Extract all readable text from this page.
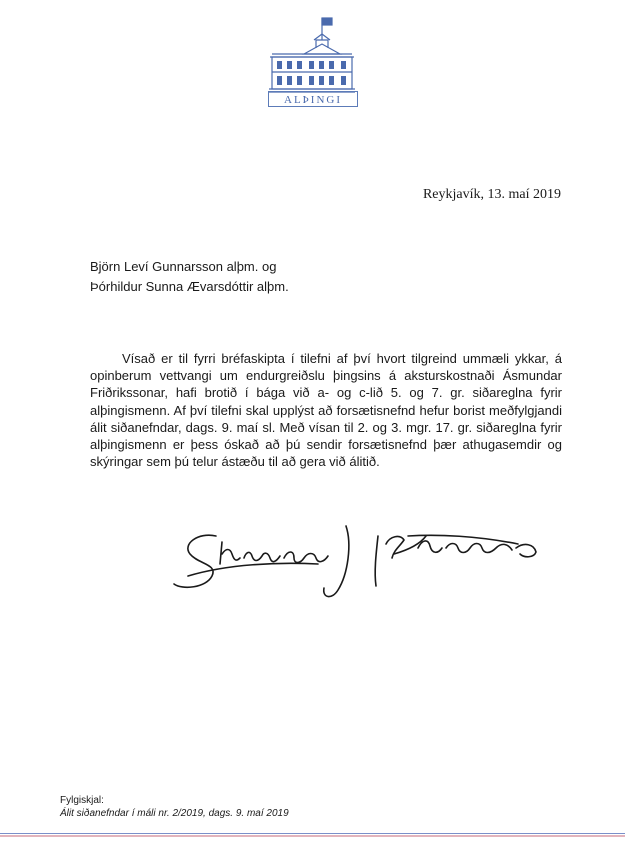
ALÞINGI
Reykjavík, 13. maí 2019
Björn Leví Gunnarsson alþm. og
Þórhildur Sunna Ævarsdóttir alþm.

Vísað er til fyrri bréfaskipta í tilefni af því hvort tilgreind ummæli ykkar, á opinberum vettvangi um endurgreiðslu þingsins á aksturskostnaði Ásmundar Friðrikssonar, hafi brotið í bága við a- og c-lið 5. og 7. gr. siðareglna fyrir alþingismenn. Af því tilefni skal upplýst að forsætisnefnd hefur borist meðfylgjandi álit siðanefndar, dags. 9. maí sl. Með vísan til 2. og 3. mgr. 17. gr. siðareglna fyrir alþingismenn er þess óskað að þú sendir forsætisnefnd þær athugasemdir og skýringar sem þú telur ástæðu til að gera við álitið.

Fylgiskjal:
Álit siðanefndar í máli nr. 2/2019, dags. 9. maí 2019
